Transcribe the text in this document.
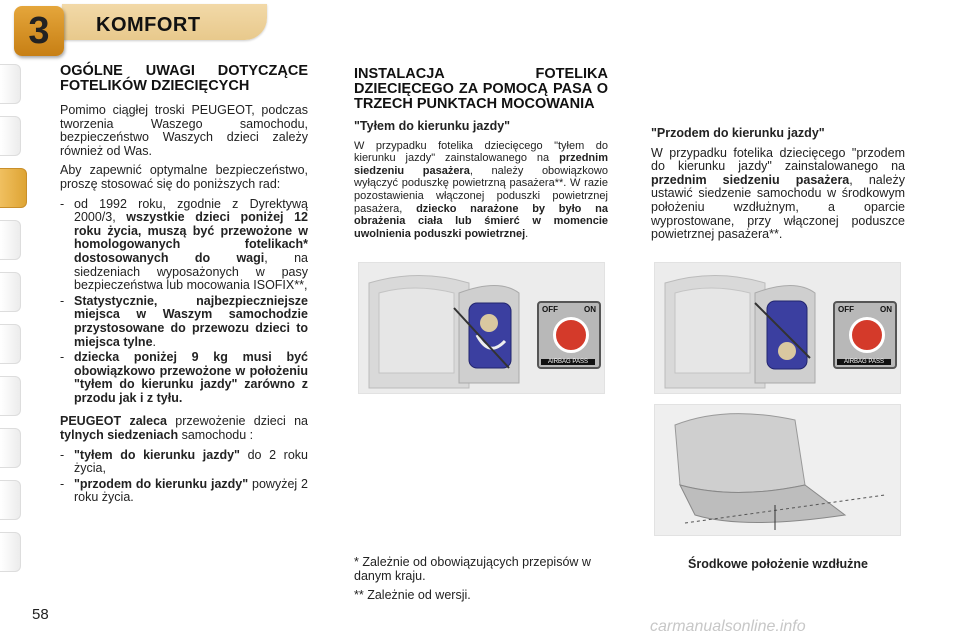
3	KOMFORT
OGÓLNE UWAGI DOTYCZĄCE FOTELIKÓW DZIECIĘCYCH

Pomimo ciągłej troski PEUGEOT, podczas tworzenia Waszego samochodu, bezpieczeństwo Waszych dzieci zależy również od Was.

Aby zapewnić optymalne bezpieczeństwo, proszę stosować się do poniższych rad:

- od 1992 roku, zgodnie z Dyrektywą 2000/3, wszystkie dzieci poniżej 12 roku życia, muszą być przewożone w homologowanych fotelikach* dostosowanych do wagi, na siedzeniach wyposażonych w pasy bezpieczeństwa lub mocowania ISOFIX**,
- Statystycznie, najbezpieczniejsze miejsca w Waszym samochodzie przystosowane do przewozu dzieci to miejsca tylne.
- dziecka poniżej 9 kg musi być obowiązkowo przewożone w położeniu "tyłem do kierunku jazdy" zarówno z przodu jak i z tyłu.

PEUGEOT zaleca przewożenie dzieci na tylnych siedzeniach samochodu :

- "tyłem do kierunku jazdy" do 2 roku życia,
- "przodem do kierunku jazdy" powyżej 2 roku życia.
INSTALACJA FOTELIKA DZIECIĘCEGO ZA POMOCĄ PASA O TRZECH PUNKTACH MOCOWANIA
"Tyłem do kierunku jazdy"

W przypadku fotelika dziecięcego "tyłem do kierunku jazdy" zainstalowanego na przednim siedzeniu pasażera, należy obowiązkowo wyłączyć poduszkę powietrzną pasażera**. W razie pozostawienia włączonej poduszki powietrznej pasażera, dziecko narażone by było na obrażenia ciała lub śmierć w momencie uwolnienia poduszki powietrznej.

"Przodem do kierunku jazdy"

W przypadku fotelika dziecięcego "przodem do kierunku jazdy" zainstalowanego na przednim siedzeniu pasażera, należy ustawić siedzenie samochodu w środkowym położeniu wzdłużnym, a oparcie wyprostowane, przy włączonej poduszce powietrznej pasażera**.

OFF	ON
AIRBAG PASS
OFF	ON
AIRBAG PASS

* Zależnie od obowiązujących przepisów w danym kraju.

** Zależnie od wersji.

Środkowe położenie wzdłużne
58
carmanualsonline.info
